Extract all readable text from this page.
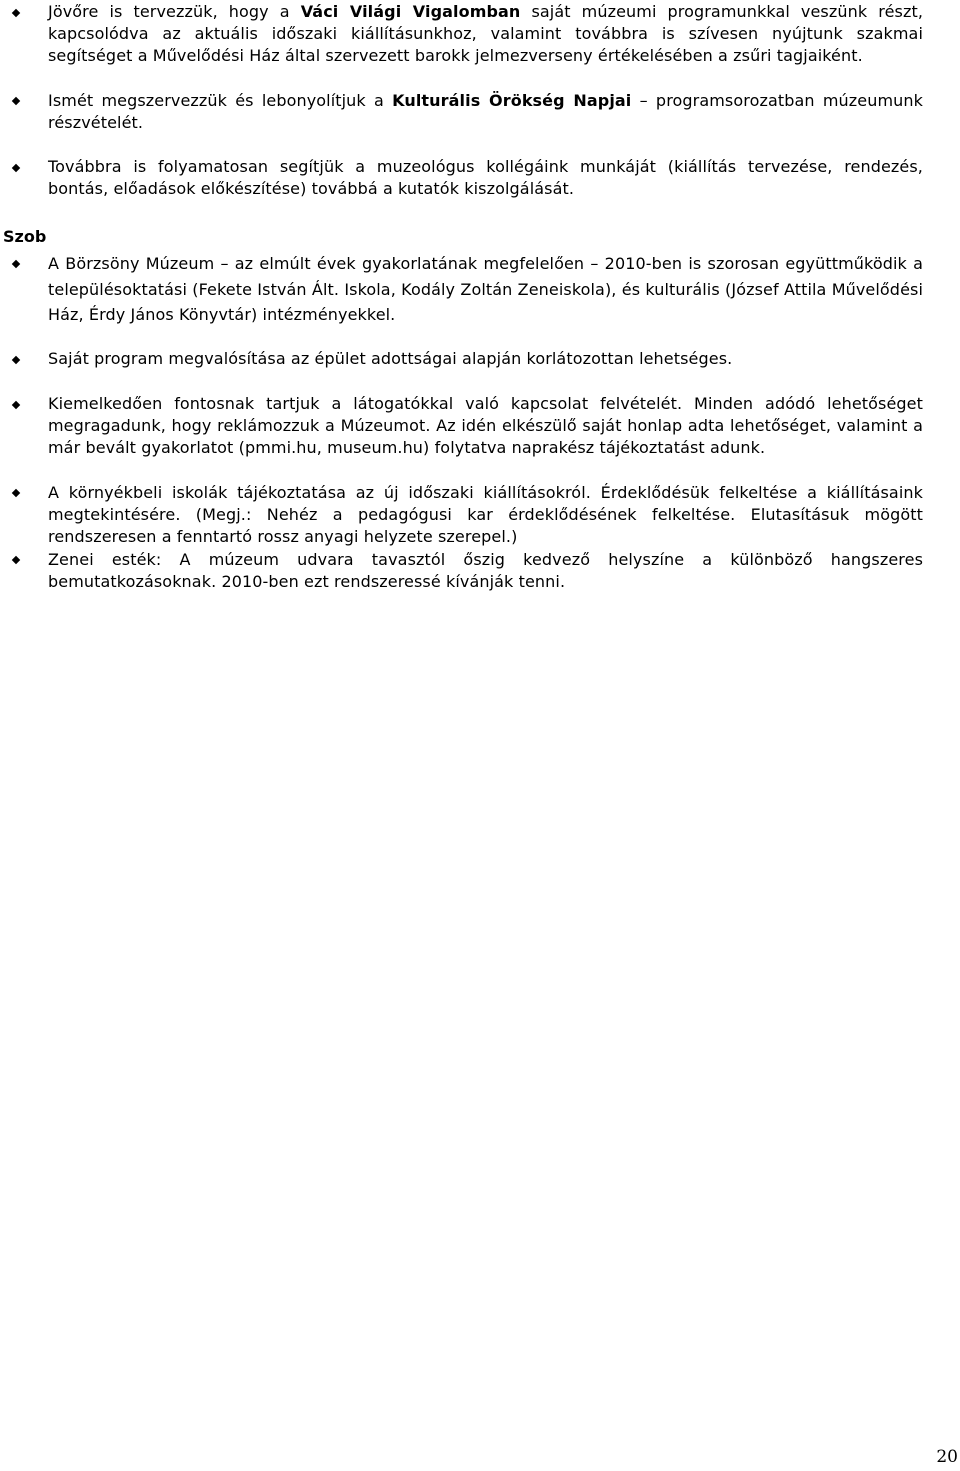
Jövőre is tervezzük, hogy a Váci Világi Vigalomban saját múzeumi programunkkal veszünk részt, kapcsolódva az aktuális időszaki kiállításunkhoz, valamint továbbra is szívesen nyújtunk szakmai segítséget a Művelődési Ház által szervezett barokk jelmezverseny értékelésében a zsűri tagjaiként.
Ismét megszervezzük és lebonyolítjuk a Kulturális Örökség Napjai – programsorozatban múzeumunk részvételét.
Továbbra is folyamatosan segítjük a muzeológus kollégáink munkáját (kiállítás tervezése, rendezés, bontás, előadások előkészítése) továbbá a kutatók kiszolgálását.
Szob
A Börzsöny Múzeum – az elmúlt évek gyakorlatának megfelelően – 2010-ben is szorosan együttműködik a településoktatási (Fekete István Ált. Iskola, Kodály Zoltán Zeneiskola), és kulturális (József Attila Művelődési Ház, Érdy János Könyvtár) intézményekkel.
Saját program megvalósítása az épület adottságai alapján korlátozottan lehetséges.
Kiemelkedően fontosnak tartjuk a látogatókkal való kapcsolat felvételét. Minden adódó lehetőséget megragadunk, hogy reklámozzuk a Múzeumot. Az idén elkészülő saját honlap adta lehetőséget, valamint a már bevált gyakorlatot (pmmi.hu, museum.hu) folytatva naprakész tájékoztatást adunk.
A környékbeli iskolák tájékoztatása az új időszaki kiállításokról. Érdeklődésük felkeltése a kiállításaink megtekintésére. (Megj.: Nehéz a pedagógusi kar érdeklődésének felkeltése. Elutasításuk mögött rendszeresen a fenntartó rossz anyagi helyzete szerepel.)
Zenei esték: A múzeum udvara tavasztól őszig kedvező helyszíne a különböző hangszeres bemutatkozásoknak. 2010-ben ezt rendszeressé kívánják tenni.
20
